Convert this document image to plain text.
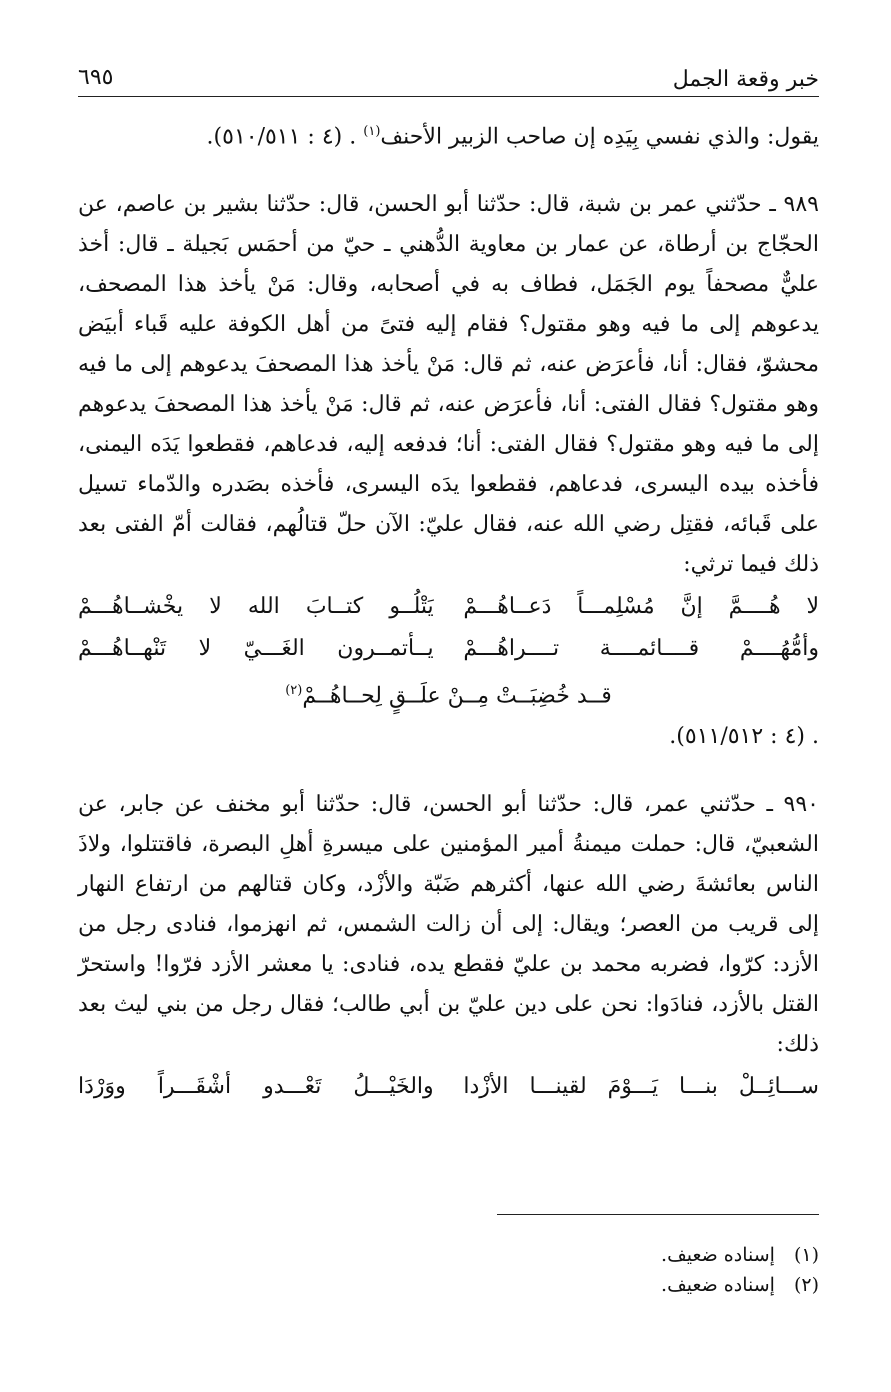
خبر وقعة الجمل
٦٩٥

يقول: والذي نفسي بِيَدِه إن صاحب الزبير الأحنف$^{(١)}$ . (٤ : ٥١٠/٥١١).

٩٨٩ ـ حدّثني عمر بن شبة، قال: حدّثنا أبو الحسن، قال: حدّثنا بشير بن عاصم، عن الحجّاج بن أرطاة، عن عمار بن معاوية الدُّهني ـ حيّ من أحمَس بَجيلة ـ قال: أخذ عليٌّ مصحفاً يوم الجَمَل، فطاف به في أصحابه، وقال: مَنْ يأخذ هذا المصحف، يدعوهم إلى ما فيه وهو مقتول؟ فقام إليه فتىً من أهل الكوفة عليه قَباء أبيَض محشوّ، فقال: أنا، فأعرَض عنه، ثم قال: مَنْ يأخذ هذا المصحفَ يدعوهم إلى ما فيه وهو مقتول؟ فقال الفتى: أنا، فأعرَض عنه، ثم قال: مَنْ يأخذ هذا المصحفَ يدعوهم إلى ما فيه وهو مقتول؟ فقال الفتى: أنا؛ فدفعه إليه، فدعاهم، فقطعوا يَدَه اليمنى، فأخذه بيده اليسرى، فدعاهم، فقطعوا يدَه اليسرى، فأخذه بصَدره والدّماء تسيل على قَبائه، فقتِل رضي الله عنه، فقال عليّ: الآن حلّ قتالُهم، فقالت أمّ الفتى بعد ذلك فيما ترثي:

لا هُــــمَّ إنَّ مُسْلِمـــاً دَعــاهُـــمْ
يَتْلُــو كتــابَ الله لا يخْشــاهُـــمْ
وأمُّهُــــمْ قــــائمــــة تــــراهُـــمْ
يــأتمــرون الغَـــيّ لا تَنْهــاهُـــمْ

قــد خُضِبَــتْ مِــنْ علَــقٍ لِحــاهُــمْ$^{(٢)}$

. (٤ : ٥١١/٥١٢).

٩٩٠ ـ حدّثني عمر، قال: حدّثنا أبو الحسن، قال: حدّثنا أبو مخنف عن جابر، عن الشعبيّ، قال: حملت ميمنةُ أمير المؤمنين على ميسرةِ أهلِ البصرة، فاقتتلوا، ولاذَ الناس بعائشةَ رضي الله عنها، أكثرهم ضَبّة والأزْد، وكان قتالهم من ارتفاع النهار إلى قريب من العصر؛ ويقال: إلى أن زالت الشمس، ثم انهزموا، فنادى رجل من الأزد: كرّوا، فضربه محمد بن عليّ فقطع يده، فنادى: يا معشر الأزد فرّوا! واستحرّ القتل بالأزد، فنادَوا: نحن على دين عليّ بن أبي طالب؛ فقال رجل من بني ليث بعد ذلك:

ســـائِــلْ بنـــا يَـــوْمَ لقينـــا الأزْدا
والخَيْـــلُ تَعْـــدو أشْقَـــراً ووَرْدَا

(١) إسناده ضعيف.

(٢) إسناده ضعيف.
